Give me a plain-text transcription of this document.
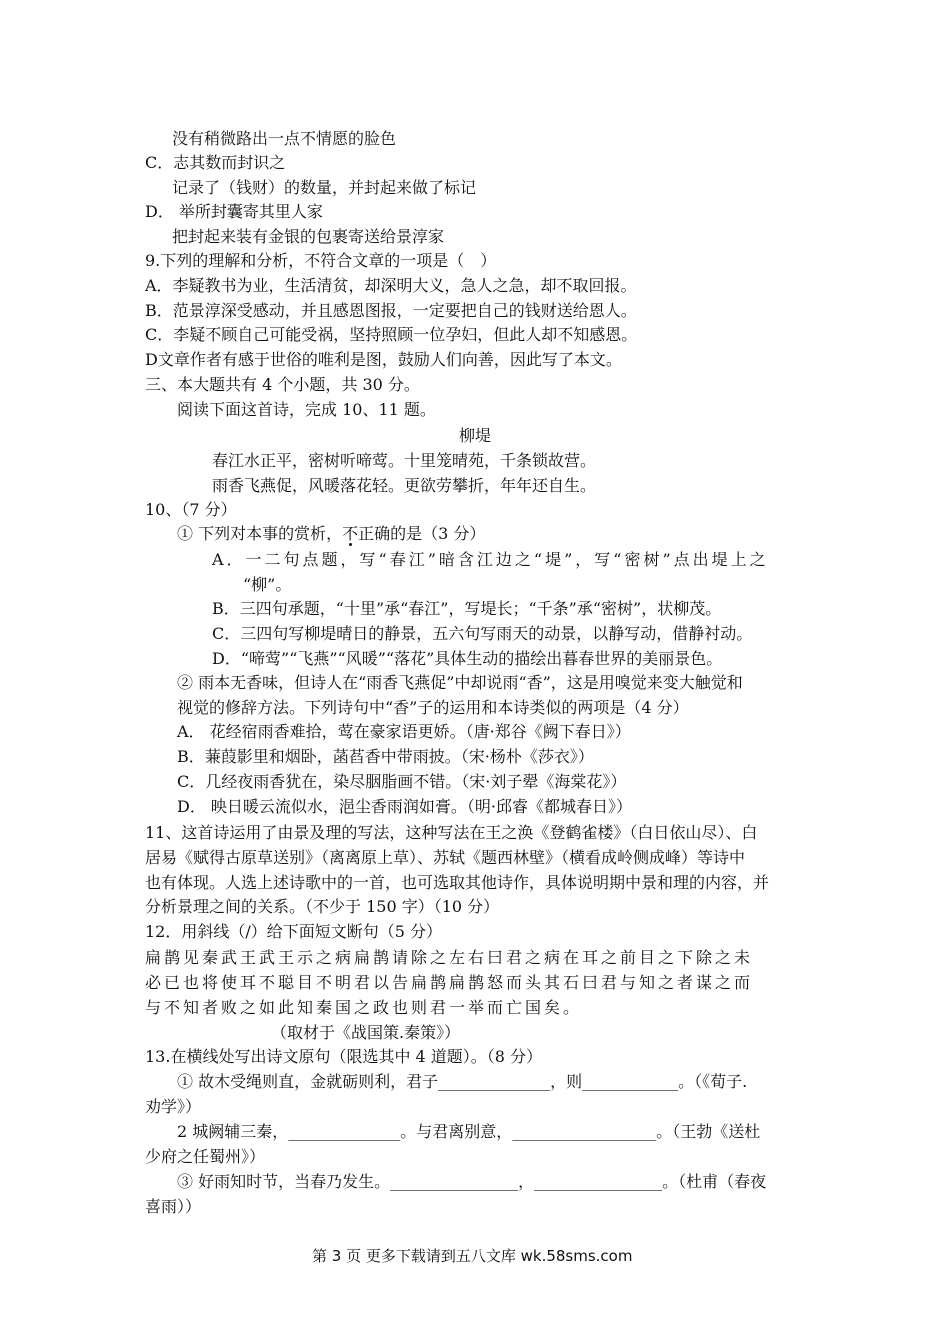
没有稍微路出一点不情愿的脸色
C．志其数而封识之
记录了（钱财）的数量，并封起来做了标记
D． 举所封囊寄其里人家
把封起来装有金银的包裹寄送给景淳家
9.下列的理解和分析，不符合文章的一项是（　）
A．李疑教书为业，生活清贫，却深明大义，急人之急，却不取回报。
B．范景淳深受感动，并且感恩图报，一定要把自己的钱财送给恩人。
C．李疑不顾自己可能受祸，坚持照顾一位孕妇，但此人却不知感恩。
D文章作者有感于世俗的唯利是图，鼓励人们向善，因此写了本文。
三、本大题共有 4 个小题，共 30 分。
阅读下面这首诗，完成 10、11 题。
柳堤
春江水正平，密树听啼莺。十里笼晴苑，千条锁故营。
雨香飞燕促，风暖落花轻。更欲劳攀折，年年还自生。
10、（7 分）
① 下列对本事的赏析，不正确的是（3 分）
A．一二句点题，写“春江”暗含江边之“堤”，写“密树”点出堤上之
“柳”。
B．三四句承题，“十里”承“春江”，写堤长；“千条”承“密树”，状柳茂。
C．三四句写柳堤晴日的静景，五六句写雨天的动景，以静写动，借静衬动。
D．“啼莺”“飞燕”“风暖”“落花”具体生动的描绘出暮春世界的美丽景色。
② 雨本无香味，但诗人在“雨香飞燕促”中却说雨“香”，这是用嗅觉来变大触觉和
视觉的修辞方法。下列诗句中“香”子的运用和本诗类似的两项是（4 分）
A． 花经宿雨香难拾，莺在豪家语更娇。（唐·郑谷《阙下春日》）
B．蒹葭影里和烟卧，菡萏香中带雨披。（宋·杨朴《莎衣》）
C．几经夜雨香犹在，染尽胭脂画不错。（宋·刘子翚《海棠花》）
D． 映日暖云流似水，浥尘香雨润如膏。（明·邱睿《都城春日》）
11、这首诗运用了由景及理的写法，这种写法在王之涣《登鹤雀楼》（白日依山尽）、白
居易《赋得古原草送别》（离离原上草）、苏轼《题西林壁》（横看成岭侧成峰）等诗中
也有体现。人选上述诗歌中的一首，也可选取其他诗作，具体说明期中景和理的内容，并
分析景理之间的关系。（不少于 150 字）（10 分）
12．用斜线（/）给下面短文断句（5 分）
扁鹊见秦武王武王示之病扁鹊请除之左右曰君之病在耳之前目之下除之未
必已也将使耳不聪目不明君以告扁鹊扁鹊怒而头其石曰君与知之者谋之而
与不知者败之如此知秦国之政也则君一举而亡国矣。
（取材于《战国策.秦策》）
13.在横线处写出诗文原句（限选其中 4 道题）。（8 分）
① 故木受绳则直，金就砺则利，君子______________，则____________。（《荀子.
劝学》）
2 城阙辅三秦，______________。与君离别意，__________________。（王勃《送杜
少府之任蜀州》）
③ 好雨知时节，当春乃发生。________________，________________。（杜甫（春夜
喜雨））
第 3 页 更多下载请到五八文库 wk.58sms.com
